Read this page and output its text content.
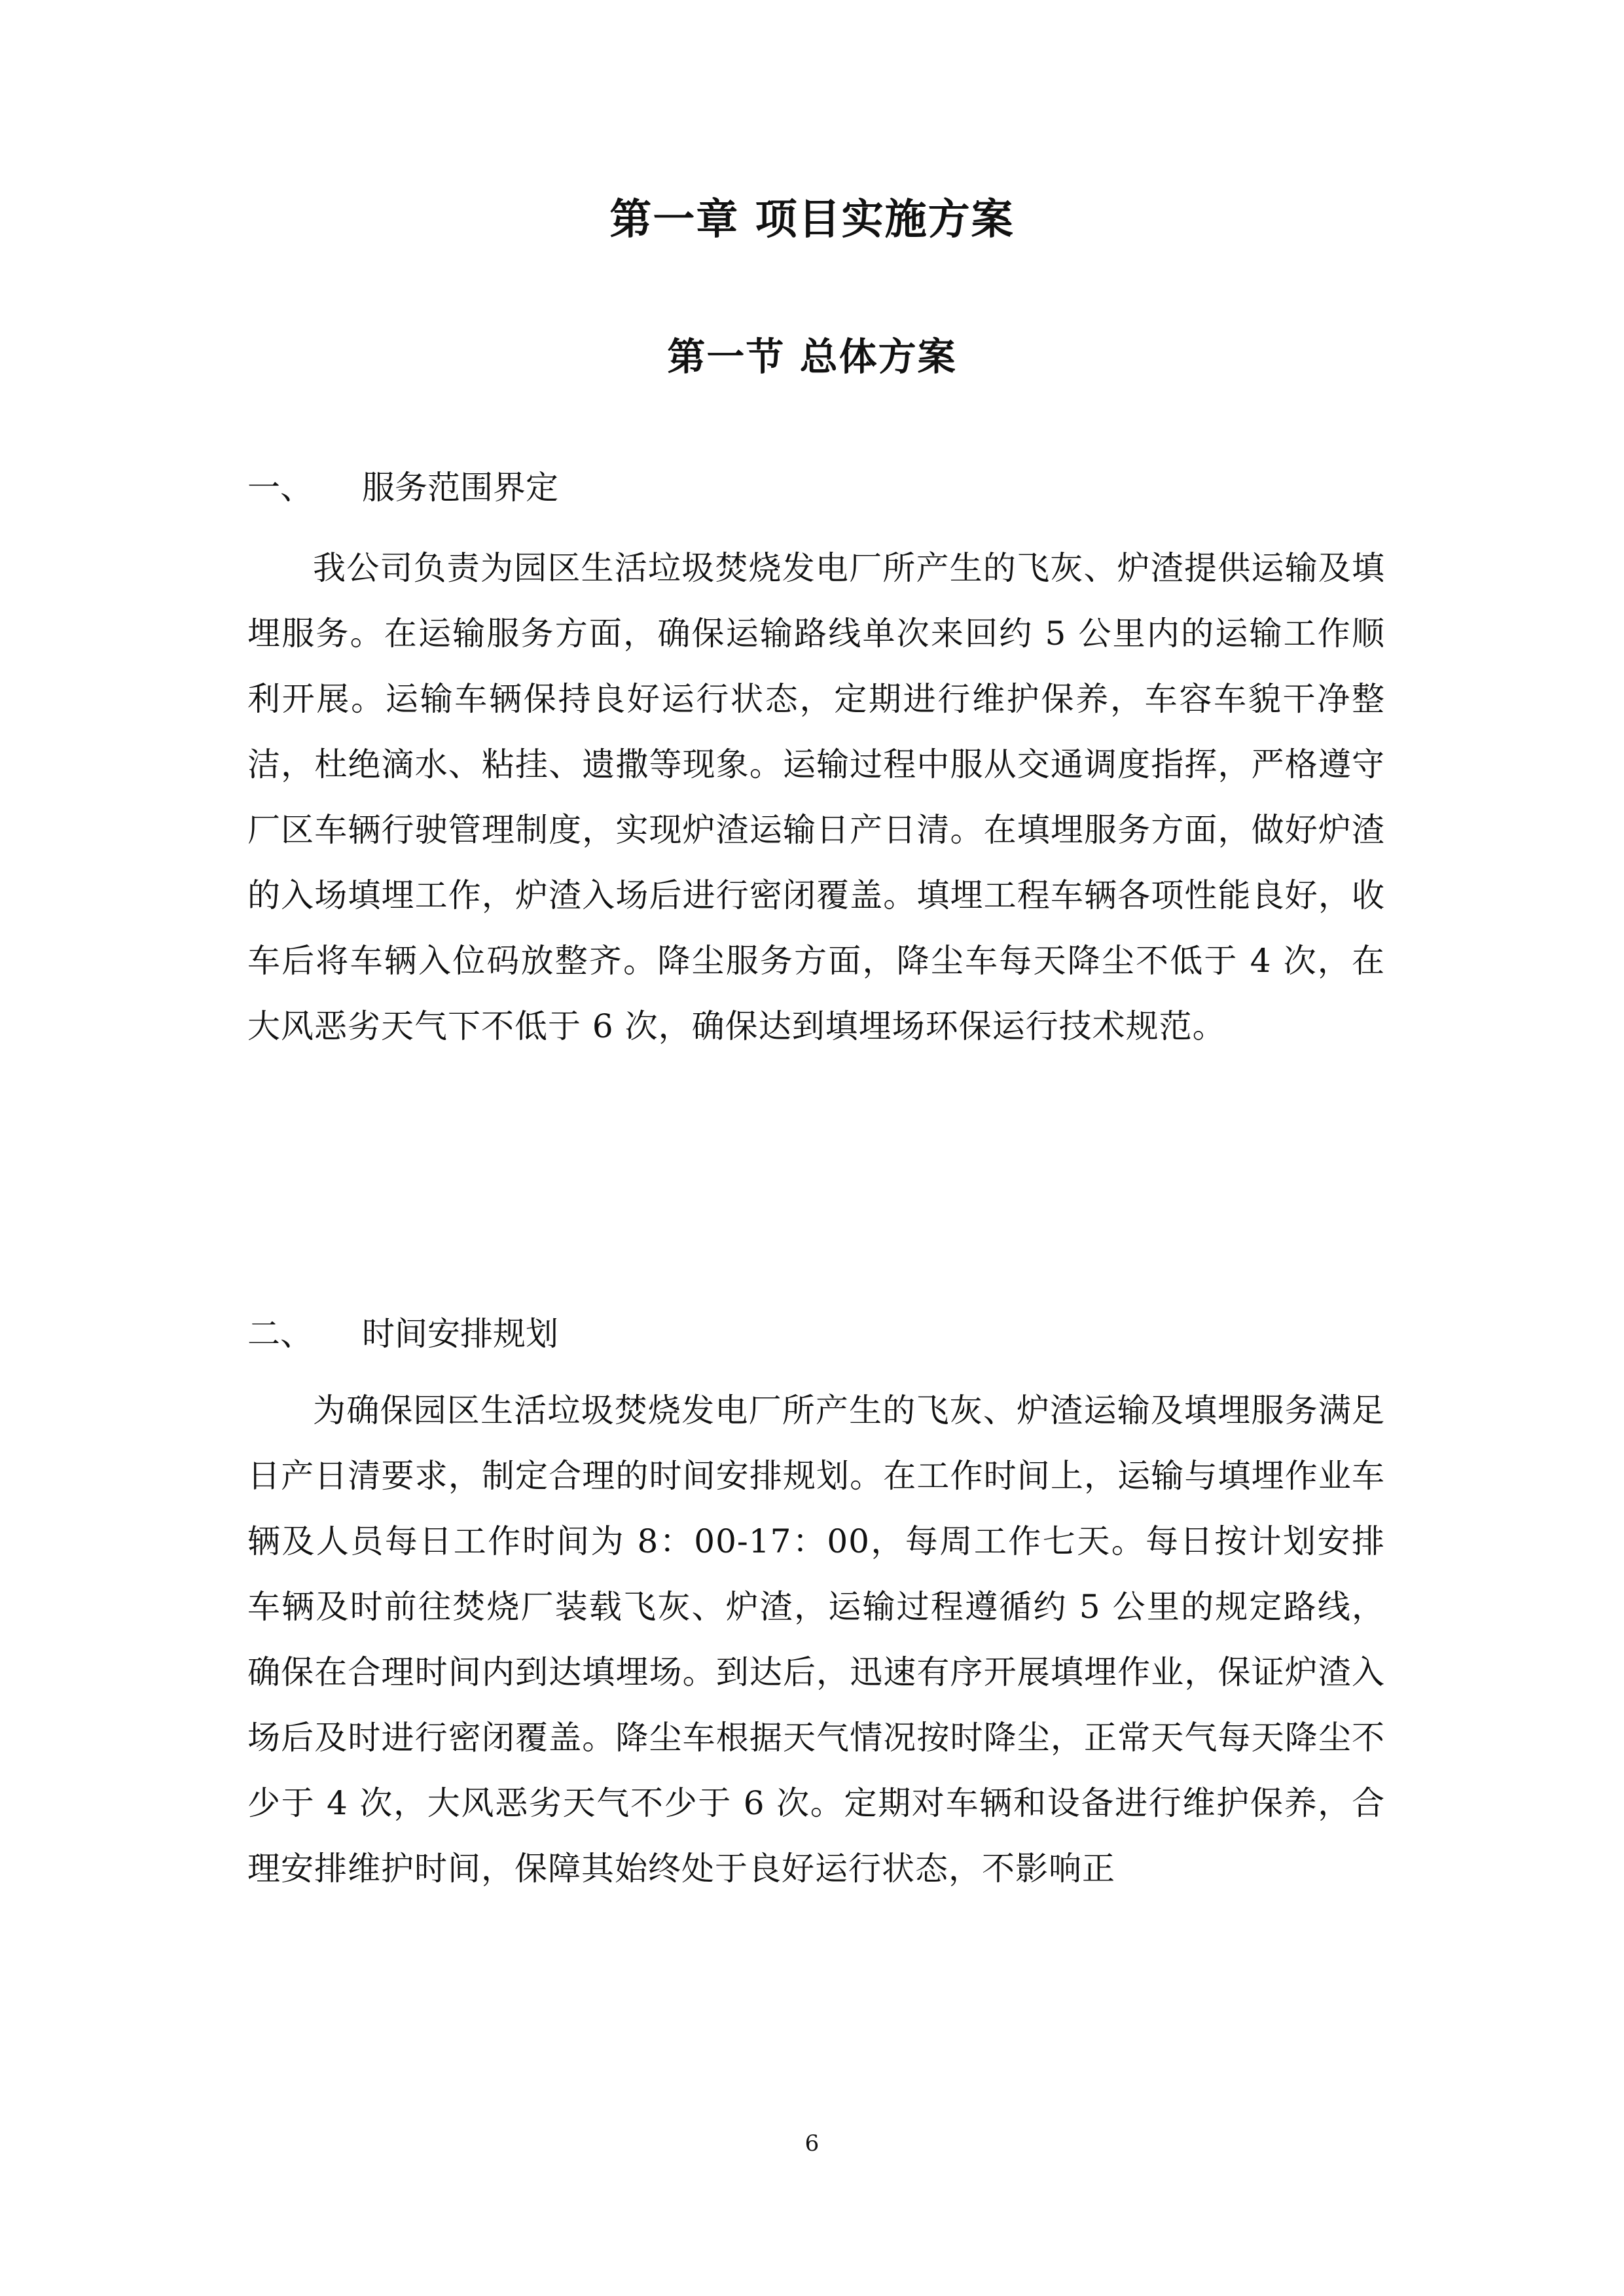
第一章 项目实施方案
第一节 总体方案
一、 服务范围界定
我公司负责为园区生活垃圾焚烧发电厂所产生的飞灰、炉渣提供运输及填埋服务。在运输服务方面，确保运输路线单次来回约 5 公里内的运输工作顺利开展。运输车辆保持良好运行状态，定期进行维护保养，车容车貌干净整洁，杜绝滴水、粘挂、遗撒等现象。运输过程中服从交通调度指挥，严格遵守厂区车辆行驶管理制度，实现炉渣运输日产日清。在填埋服务方面，做好炉渣的入场填埋工作，炉渣入场后进行密闭覆盖。填埋工程车辆各项性能良好，收车后将车辆入位码放整齐。降尘服务方面，降尘车每天降尘不低于 4 次，在大风恶劣天气下不低于 6 次，确保达到填埋场环保运行技术规范。
二、 时间安排规划
为确保园区生活垃圾焚烧发电厂所产生的飞灰、炉渣运输及填埋服务满足日产日清要求，制定合理的时间安排规划。在工作时间上，运输与填埋作业车辆及人员每日工作时间为 8：00-17：00，每周工作七天。每日按计划安排车辆及时前往焚烧厂装载飞灰、炉渣，运输过程遵循约 5 公里的规定路线，确保在合理时间内到达填埋场。到达后，迅速有序开展填埋作业，保证炉渣入场后及时进行密闭覆盖。降尘车根据天气情况按时降尘，正常天气每天降尘不少于 4 次，大风恶劣天气不少于 6 次。定期对车辆和设备进行维护保养，合理安排维护时间，保障其始终处于良好运行状态，不影响正
6
